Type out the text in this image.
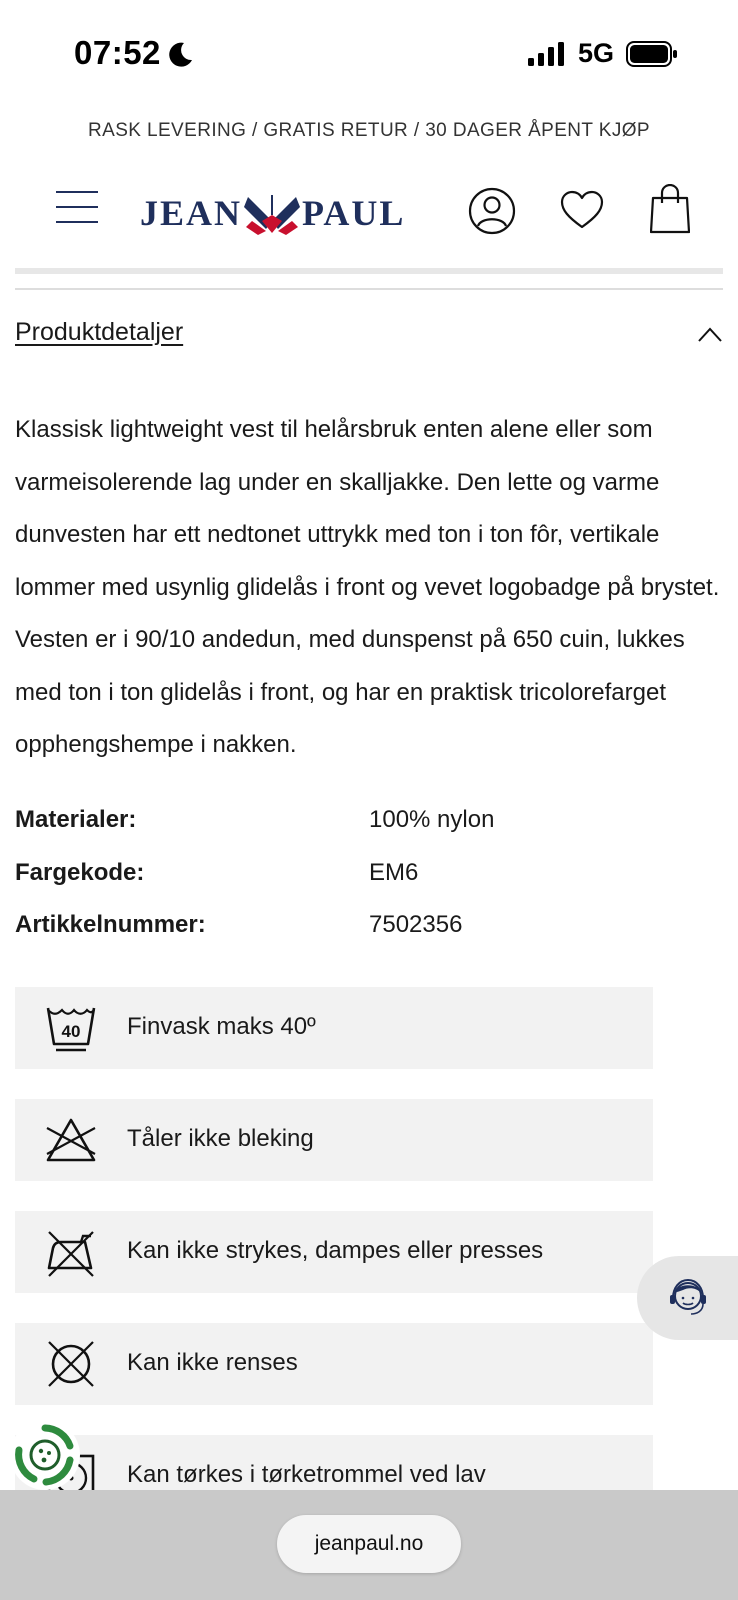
07:52	5G
RASK LEVERING / GRATIS RETUR / 30 DAGER ÅPENT KJØP
JEAN PAUL
Produktdetaljer

Klassisk lightweight vest til helårsbruk enten alene eller som varmeisolerende lag under en skalljakke. Den lette og varme dunvesten har ett nedtonet uttrykk med ton i ton fôr, vertikale lommer med usynlig glidelås i front og vevet logobadge på brystet. Vesten er i 90/10 andedun, med dunspenst på 650 cuin, lukkes med ton i ton glidelås i front, og har en praktisk tricolorefarget opphengshempe i nakken.

Materialer:	100% nylon
Fargekode:	EM6
Artikkelnummer:	7502356
40 Finvask maks 40º
Tåler ikke bleking
Kan ikke strykes, dampes eller presses
Kan ikke renses
Kan tørkes i tørketrommel ved lav
jeanpaul.no
